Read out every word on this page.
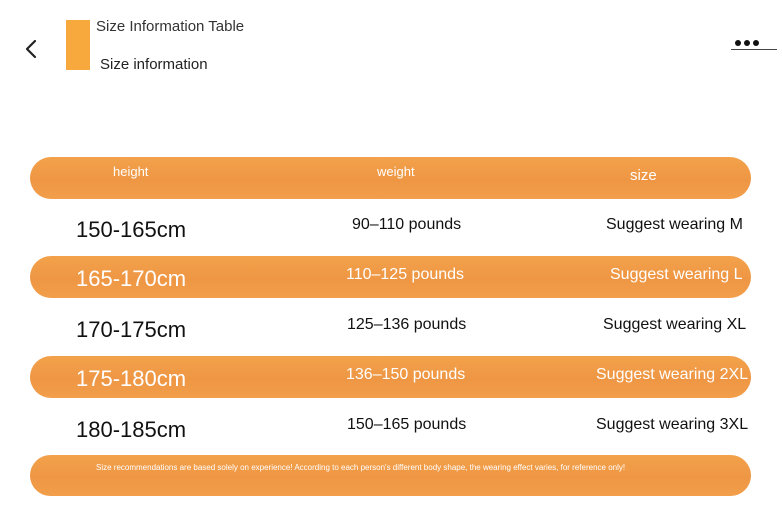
Size Information Table
Size information
height	weight	size
150-165cm	90–110 pounds	Suggest wearing M
165-170cm	110–125 pounds	Suggest wearing L
170-175cm	125–136 pounds	Suggest wearing XL
175-180cm	136–150 pounds	Suggest wearing 2XL
180-185cm	150–165 pounds	Suggest wearing 3XL
Size recommendations are based solely on experience! According to each person's different body shape, the wearing effect varies, for reference only!
